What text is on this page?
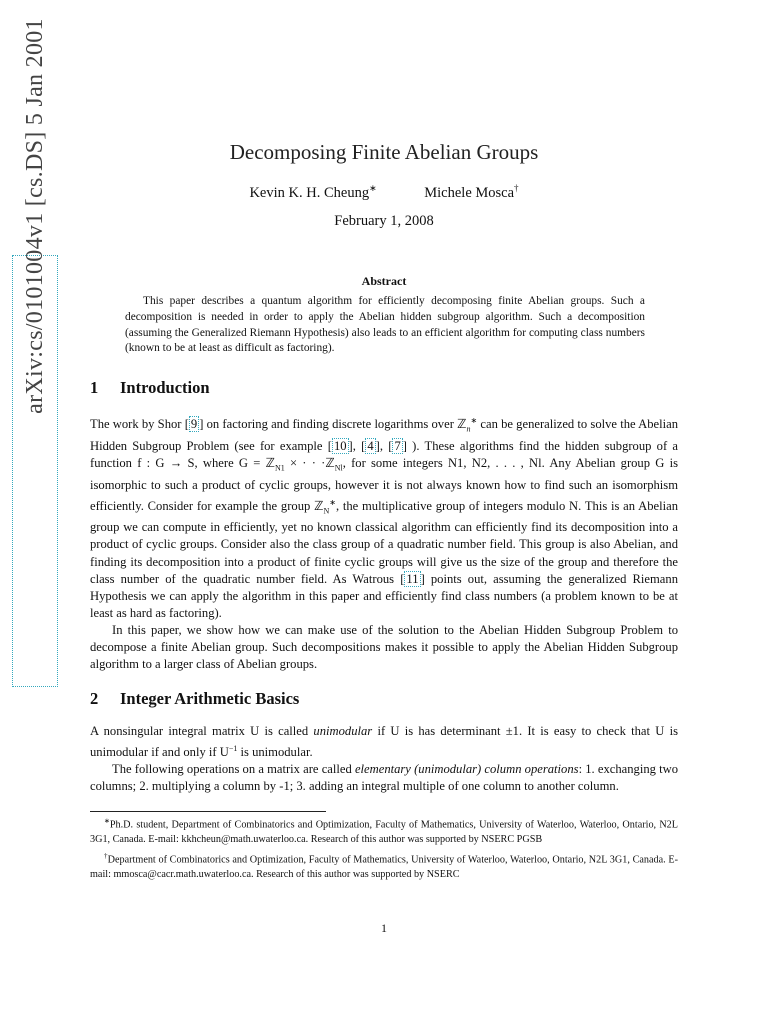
arXiv:cs/0101004v1 [cs.DS] 5 Jan 2001	Decomposing Finite Abelian Groups
Kevin K. H. Cheung∗	Michele Mosca†
February 1, 2008
Abstract
This paper describes a quantum algorithm for efficiently decomposing finite Abelian groups. Such a decomposition is needed in order to apply the Abelian hidden subgroup algorithm. Such a decomposition (assuming the Generalized Riemann Hypothesis) also leads to an efficient algorithm for computing class numbers (known to be at least as difficult as factoring).
1 Introduction

The work by Shor [ 9 ] on factoring and finding discrete logarithms over ℤ$_n$∗ can be generalized to solve the Abelian Hidden Subgroup Problem (see for example [ 10 ], [ 4 ], [ 7 ] ). These algorithms find the hidden subgroup of a function f : G → S, where G = ℤ$_{N1}$ × · · ·ℤ$_{Nl}$, for some integers N1, N2, . . . , Nl. Any Abelian group G is isomorphic to such a product of cyclic groups, however it is not always known how to find such an isomorphism efficiently. Consider for example the group ℤ$_N$∗, the multiplicative group of integers modulo N. This is an Abelian group we can compute in efficiently, yet no known classical algorithm can efficiently find its decomposition into a product of cyclic groups. Consider also the class group of a quadratic number field. This group is also Abelian, and finding its decomposition into a product of finite cyclic groups will give us the size of the group and therefore the class number of the quadratic number field. As Watrous [ 11 ] points out, assuming the generalized Riemann Hypothesis we can apply the algorithm in this paper and efficiently find class numbers (a problem known to be at least as hard as factoring).

In this paper, we show how we can make use of the solution to the Abelian Hidden Subgroup Problem to decompose a finite Abelian group. Such decompositions makes it possible to apply the Abelian Hidden Subgroup algorithm to a larger class of Abelian groups.

2 Integer Arithmetic Basics

A nonsingular integral matrix U is called unimodular if U is has determinant ±1. It is easy to check that U is unimodular if and only if $U^{-1}$ is unimodular.

The following operations on a matrix are called elementary (unimodular) column operations: 1. exchanging two columns; 2. multiplying a column by -1; 3. adding an integral multiple of one column to another column.

∗Ph.D. student, Department of Combinatorics and Optimization, Faculty of Mathematics, University of Waterloo, Waterloo, Ontario, N2L 3G1, Canada. E-mail: kkhcheun@math.uwaterloo.ca. Research of this author was supported by NSERC PGSB

†Department of Combinatorics and Optimization, Faculty of Mathematics, University of Waterloo, Waterloo, Ontario, N2L 3G1, Canada. E-mail: mmosca@cacr.math.uwaterloo.ca. Research of this author was supported by NSERC

1
